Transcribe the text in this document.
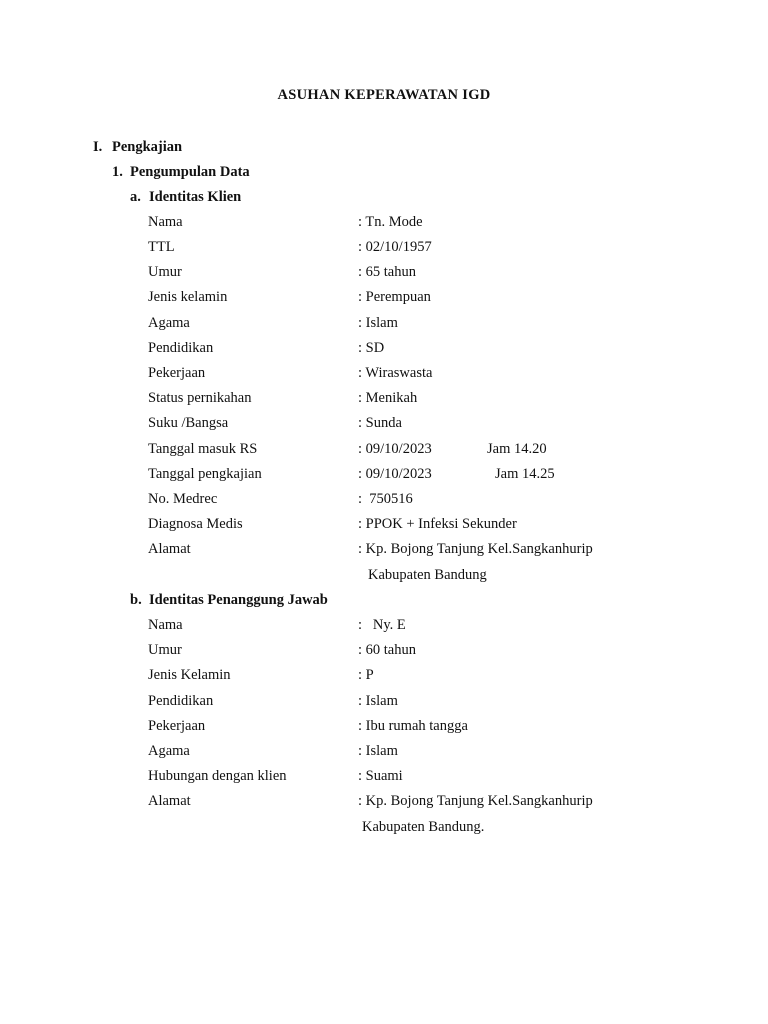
ASUHAN KEPERAWATAN IGD
I. Pengkajian
1. Pengumpulan Data
a. Identitas Klien
Nama	: Tn. Mode
TTL	: 02/10/1957
Umur	: 65 tahun
Jenis kelamin	: Perempuan
Agama	: Islam
Pendidikan	: SD
Pekerjaan	: Wiraswasta
Status pernikahan	: Menikah
Suku /Bangsa	: Sunda
Tanggal masuk RS	: 09/10/2023	Jam 14.20
Tanggal pengkajian	: 09/10/2023	Jam 14.25
No. Medrec	:  750516
Diagnosa Medis	: PPOK + Infeksi Sekunder
Alamat	: Kp. Bojong Tanjung Kel.Sangkanhurip
Kabupaten Bandung
b. Identitas Penanggung Jawab
Nama	:   Ny. E
Umur	: 60 tahun
Jenis Kelamin	: P
Pendidikan	: Islam
Pekerjaan	: Ibu rumah tangga
Agama	: Islam
Hubungan dengan klien	: Suami
Alamat	: Kp. Bojong Tanjung Kel.Sangkanhurip
Kabupaten Bandung.
